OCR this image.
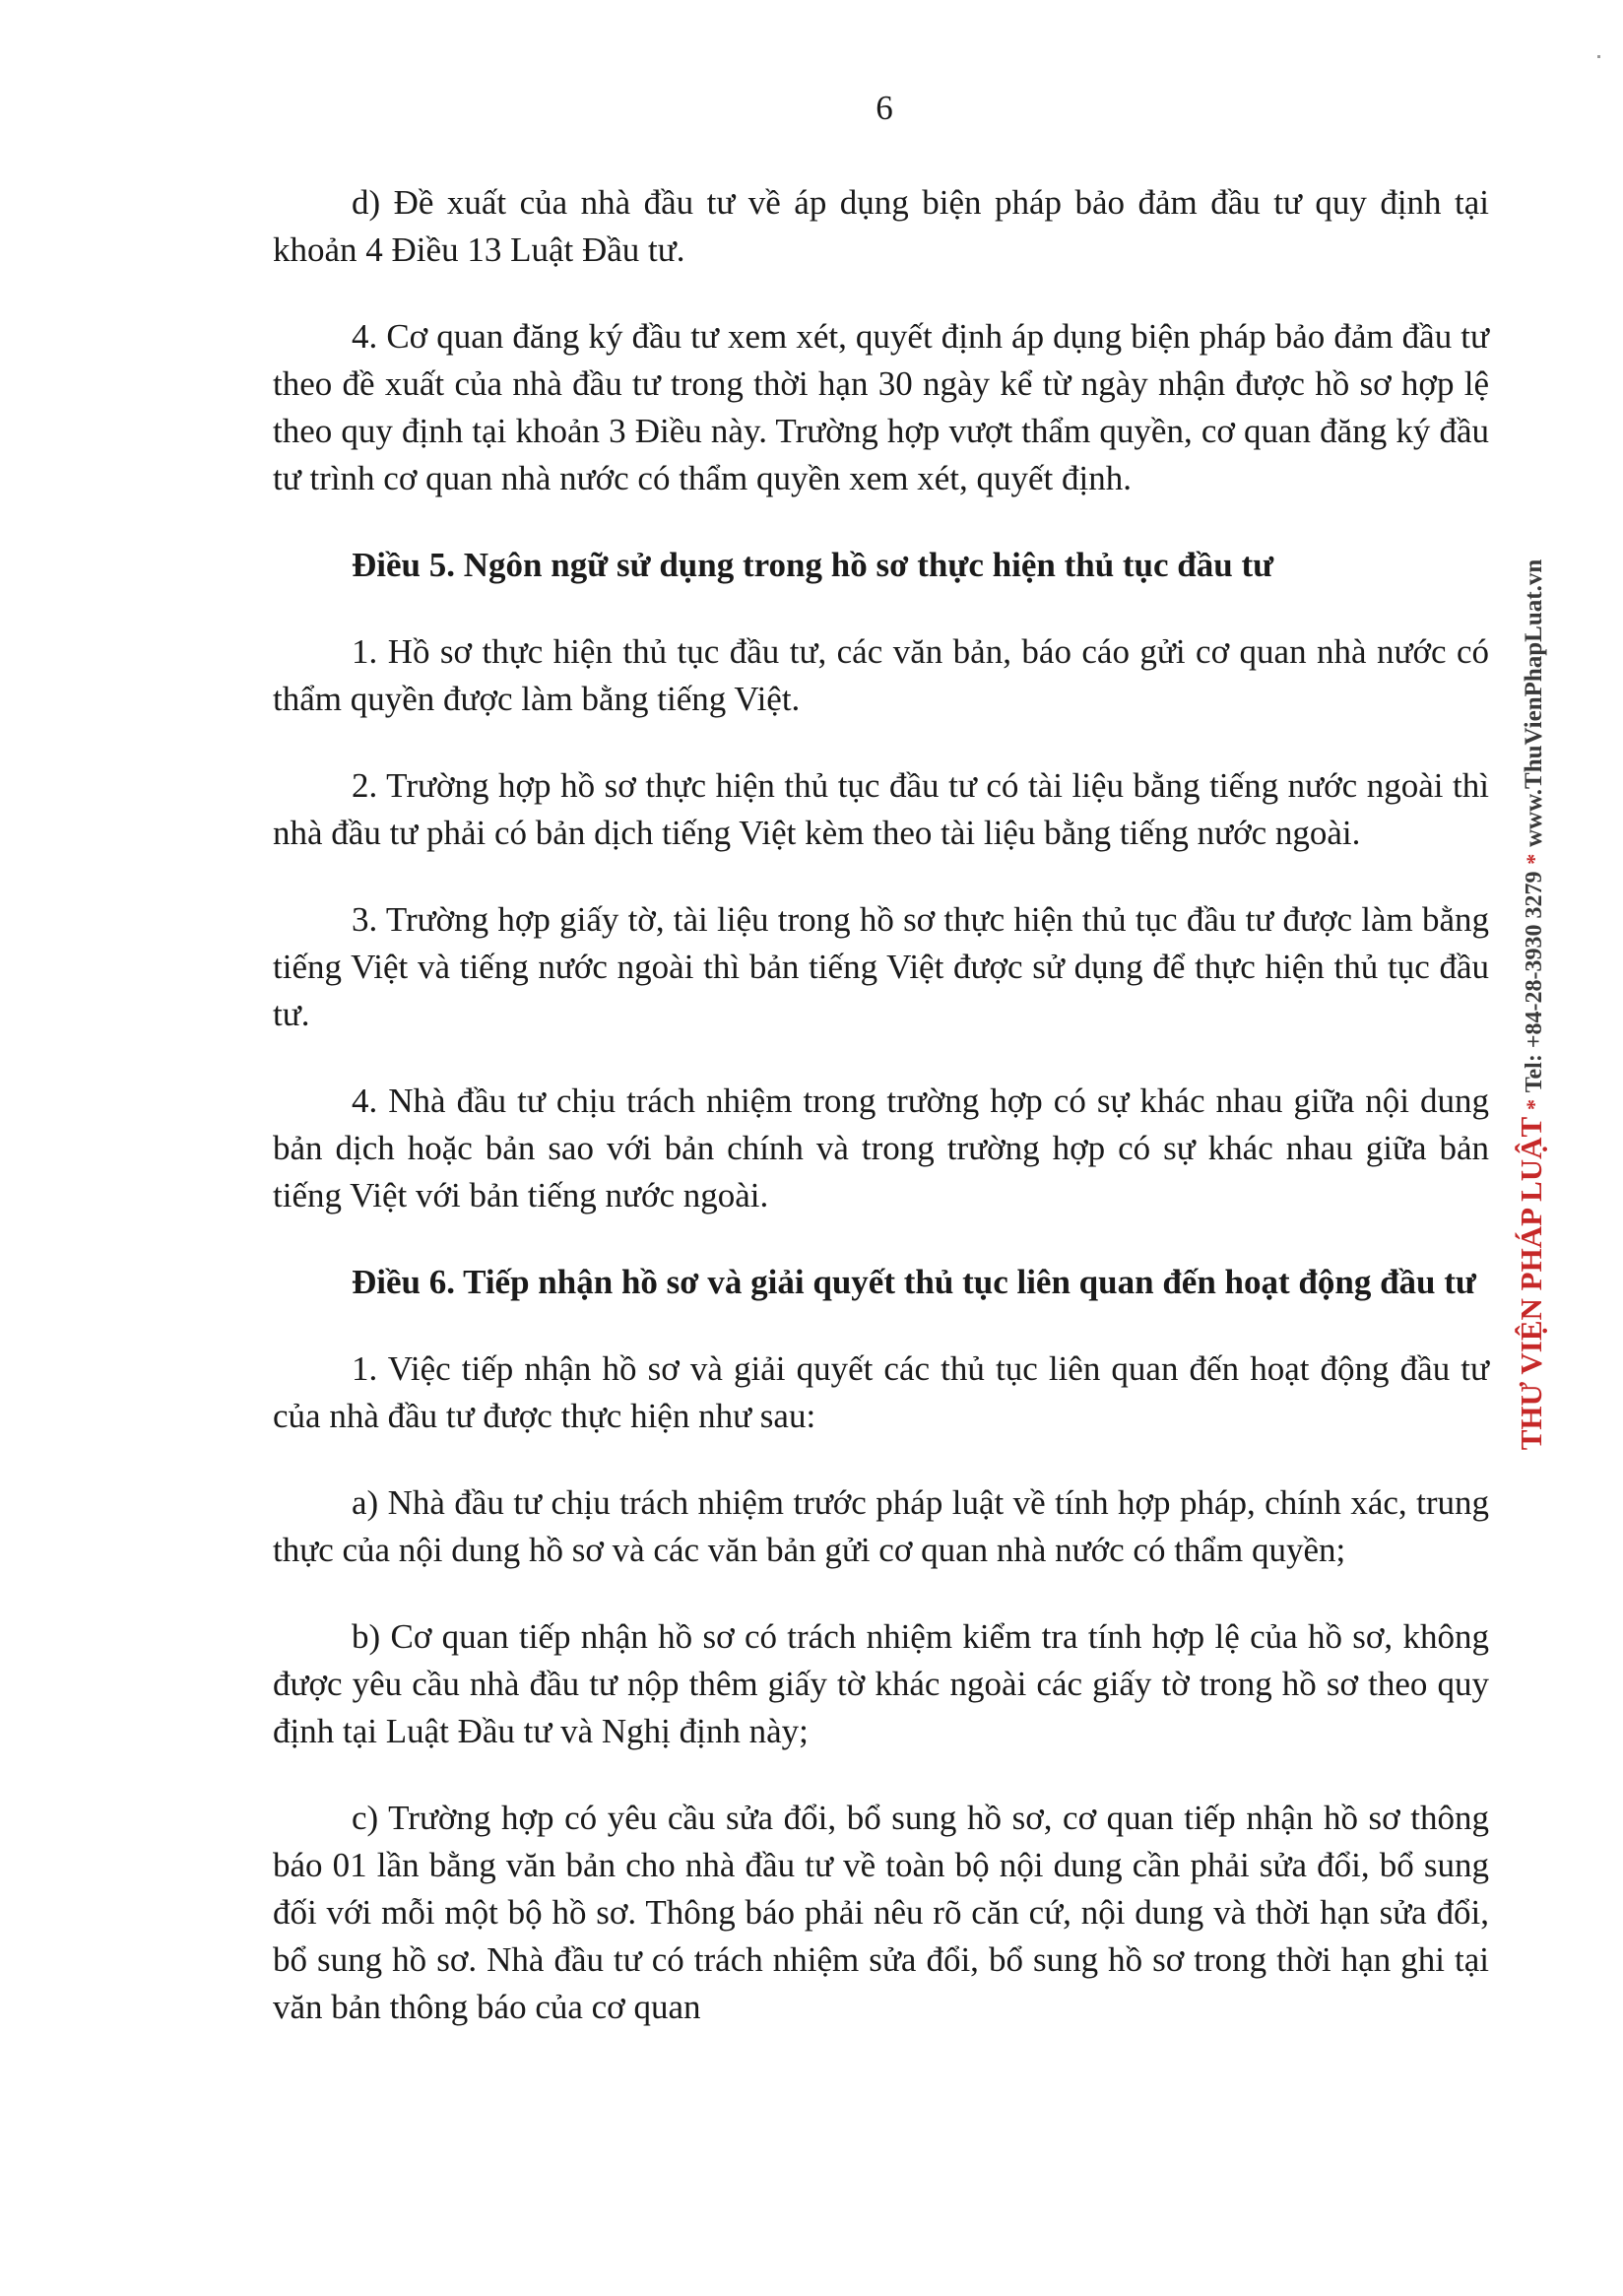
6

d) Đề xuất của nhà đầu tư về áp dụng biện pháp bảo đảm đầu tư quy định tại khoản 4 Điều 13 Luật Đầu tư.

4. Cơ quan đăng ký đầu tư xem xét, quyết định áp dụng biện pháp bảo đảm đầu tư theo đề xuất của nhà đầu tư trong thời hạn 30 ngày kể từ ngày nhận được hồ sơ hợp lệ theo quy định tại khoản 3 Điều này. Trường hợp vượt thẩm quyền, cơ quan đăng ký đầu tư trình cơ quan nhà nước có thẩm quyền xem xét, quyết định.

Điều 5. Ngôn ngữ sử dụng trong hồ sơ thực hiện thủ tục đầu tư

1. Hồ sơ thực hiện thủ tục đầu tư, các văn bản, báo cáo gửi cơ quan nhà nước có thẩm quyền được làm bằng tiếng Việt.

2. Trường hợp hồ sơ thực hiện thủ tục đầu tư có tài liệu bằng tiếng nước ngoài thì nhà đầu tư phải có bản dịch tiếng Việt kèm theo tài liệu bằng tiếng nước ngoài.

3. Trường hợp giấy tờ, tài liệu trong hồ sơ thực hiện thủ tục đầu tư được làm bằng tiếng Việt và tiếng nước ngoài thì bản tiếng Việt được sử dụng để thực hiện thủ tục đầu tư.

4. Nhà đầu tư chịu trách nhiệm trong trường hợp có sự khác nhau giữa nội dung bản dịch hoặc bản sao với bản chính và trong trường hợp có sự khác nhau giữa bản tiếng Việt với bản tiếng nước ngoài.

Điều 6. Tiếp nhận hồ sơ và giải quyết thủ tục liên quan đến hoạt động đầu tư

1. Việc tiếp nhận hồ sơ và giải quyết các thủ tục liên quan đến hoạt động đầu tư của nhà đầu tư được thực hiện như sau:

a) Nhà đầu tư chịu trách nhiệm trước pháp luật về tính hợp pháp, chính xác, trung thực của nội dung hồ sơ và các văn bản gửi cơ quan nhà nước có thẩm quyền;

b) Cơ quan tiếp nhận hồ sơ có trách nhiệm kiểm tra tính hợp lệ của hồ sơ, không được yêu cầu nhà đầu tư nộp thêm giấy tờ khác ngoài các giấy tờ trong hồ sơ theo quy định tại Luật Đầu tư và Nghị định này;

c) Trường hợp có yêu cầu sửa đổi, bổ sung hồ sơ, cơ quan tiếp nhận hồ sơ thông báo 01 lần bằng văn bản cho nhà đầu tư về toàn bộ nội dung cần phải sửa đổi, bổ sung đối với mỗi một bộ hồ sơ. Thông báo phải nêu rõ căn cứ, nội dung và thời hạn sửa đổi, bổ sung hồ sơ. Nhà đầu tư có trách nhiệm sửa đổi, bổ sung hồ sơ trong thời hạn ghi tại văn bản thông báo của cơ quan

THƯ VIỆN PHÁP LUẬT * Tel: +84-28-3930 3279 * www.ThuVienPhapLuat.vn
